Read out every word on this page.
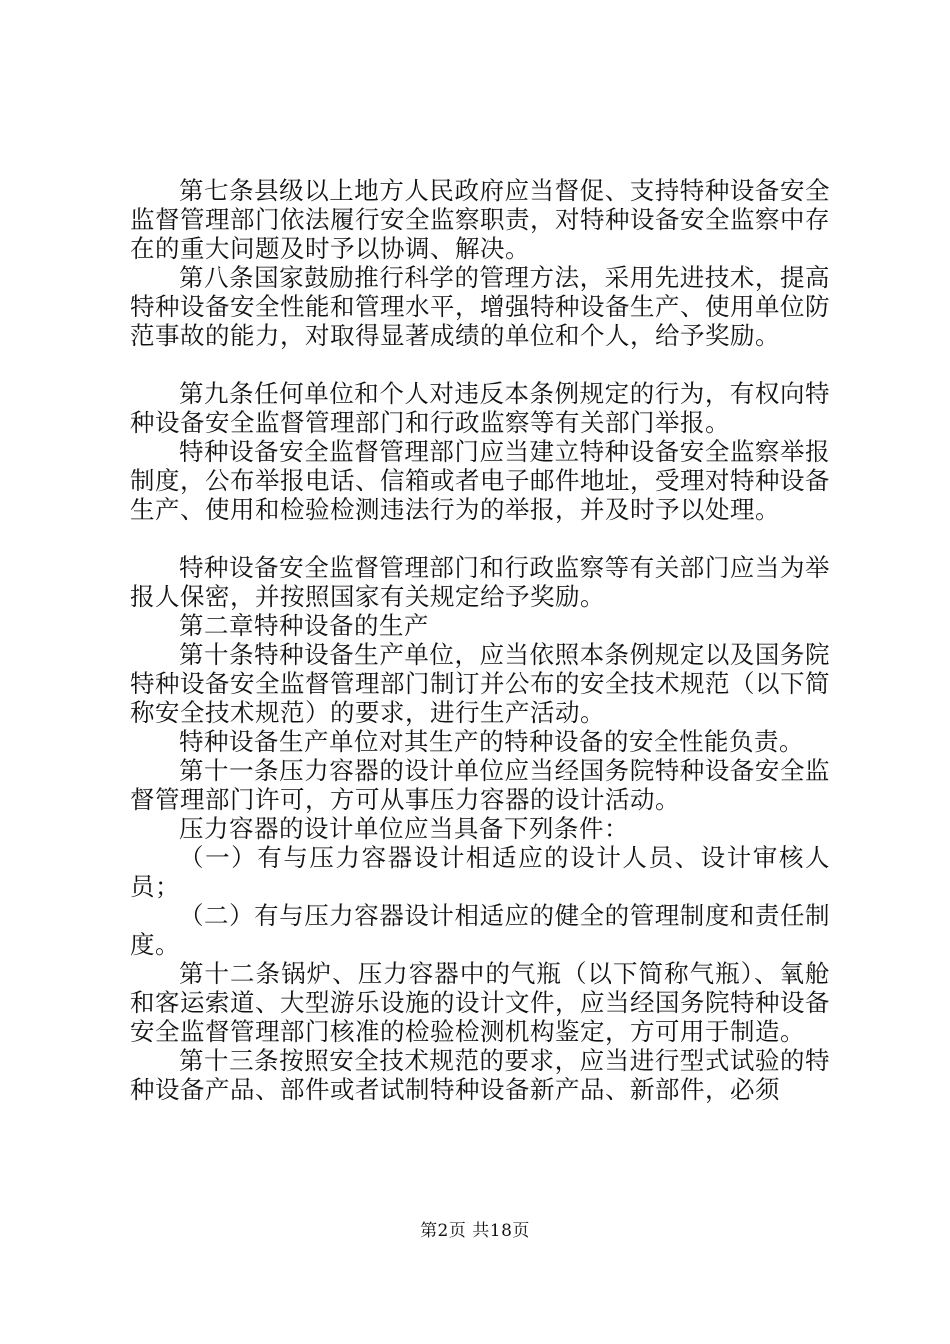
第七条县级以上地方人民政府应当督促、支持特种设备安全监督管理部门依法履行安全监察职责，对特种设备安全监察中存在的重大问题及时予以协调、解决。

第八条国家鼓励推行科学的管理方法，采用先进技术，提高特种设备安全性能和管理水平，增强特种设备生产、使用单位防范事故的能力，对取得显著成绩的单位和个人，给予奖励。

第九条任何单位和个人对违反本条例规定的行为，有权向特种设备安全监督管理部门和行政监察等有关部门举报。

特种设备安全监督管理部门应当建立特种设备安全监察举报制度，公布举报电话、信箱或者电子邮件地址，受理对特种设备生产、使用和检验检测违法行为的举报，并及时予以处理。

特种设备安全监督管理部门和行政监察等有关部门应当为举报人保密，并按照国家有关规定给予奖励。

第二章特种设备的生产

第十条特种设备生产单位，应当依照本条例规定以及国务院特种设备安全监督管理部门制订并公布的安全技术规范（以下简称安全技术规范）的要求，进行生产活动。

特种设备生产单位对其生产的特种设备的安全性能负责。

第十一条压力容器的设计单位应当经国务院特种设备安全监督管理部门许可，方可从事压力容器的设计活动。

压力容器的设计单位应当具备下列条件：

（一）有与压力容器设计相适应的设计人员、设计审核人员；

（二）有与压力容器设计相适应的健全的管理制度和责任制度。

第十二条锅炉、压力容器中的气瓶（以下简称气瓶）、氧舱和客运索道、大型游乐设施的设计文件，应当经国务院特种设备安全监督管理部门核准的检验检测机构鉴定，方可用于制造。

第十三条按照安全技术规范的要求，应当进行型式试验的特种设备产品、部件或者试制特种设备新产品、新部件，必须

第2页 共18页
